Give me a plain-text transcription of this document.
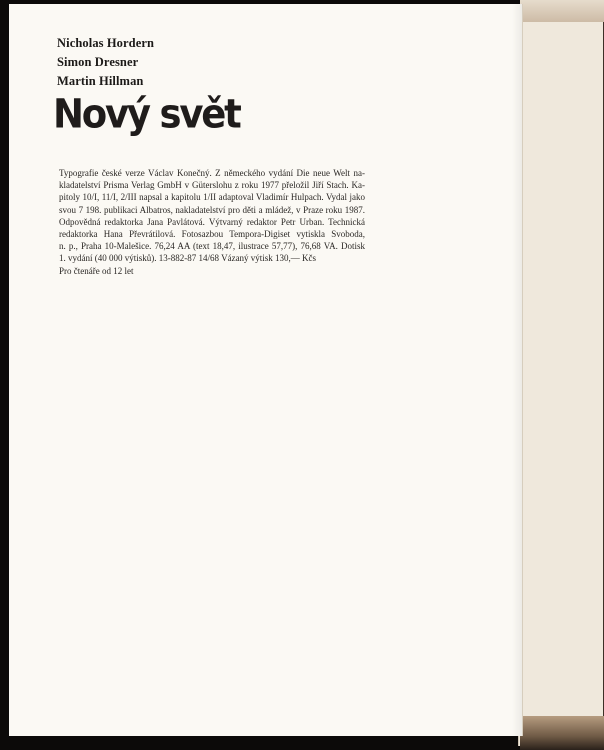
Nicholas Hordern
Simon Dresner
Martin Hillman
Nový svět
Typografie české verze Václav Konečný. Z německého vydání Die neue Welt na-
kladatelství Prisma Verlag GmbH v Güterslohu z roku 1977 přeložil Jiří Stach. Ka-
pitoly 10/I, 11/I, 2/III napsal a kapitolu 1/II adaptoval Vladimír Hulpach. Vydal jako
svou 7 198. publikaci Albatros, nakladatelství pro děti a mládež, v Praze roku 1987.
Odpovědná redaktorka Jana Pavlátová. Výtvarný redaktor Petr Urban. Technická
redaktorka Hana Převrátilová. Fotosazbou Tempora-Digiset vytiskla Svoboda,
n. p., Praha 10-Malešice. 76,24 AA (text 18,47, ilustrace 57,77), 76,68 VA. Dotisk
1. vydání (40 000 výtisků). 13-882-87 14/68 Vázaný výtisk 130,— Kčs
Pro čtenáře od 12 let
